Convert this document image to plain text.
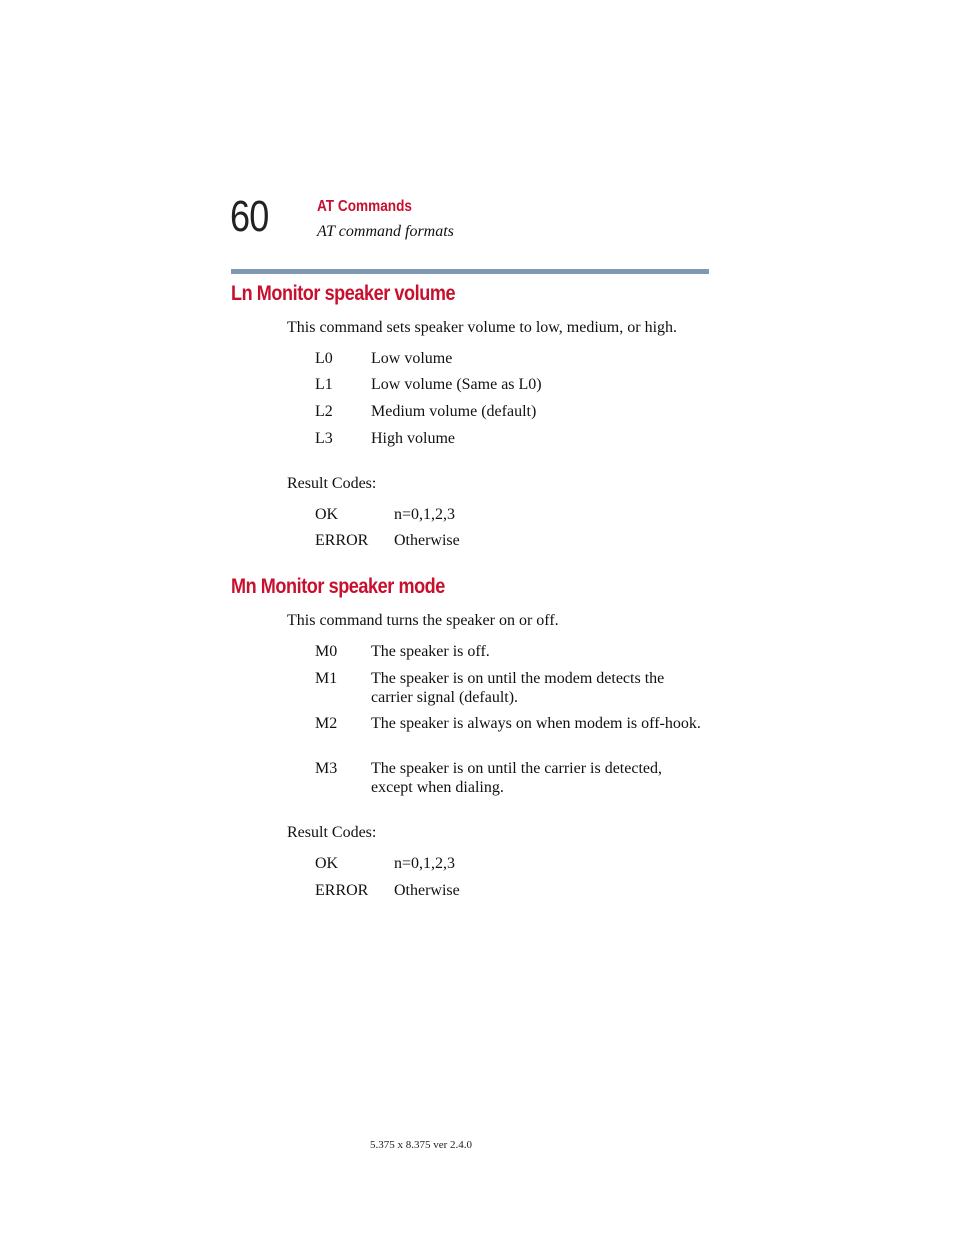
60	AT Commands
AT command formats
Ln Monitor speaker volume
This command sets speaker volume to low, medium, or high.
L0 Low volume
L1 Low volume (Same as L0)
L2 Medium volume (default)
L3 High volume
Result Codes:
OK	n=0,1,2,3
ERROR Otherwise
Mn Monitor speaker mode
This command turns the speaker on or off.
M0 The speaker is off.
M1 The speaker is on until the modem detects the carrier signal (default).
M2 The speaker is always on when modem is off-hook.
M3 The speaker is on until the carrier is detected, except when dialing.
Result Codes:
OK	n=0,1,2,3
ERROR Otherwise
5.375 x 8.375 ver 2.4.0
